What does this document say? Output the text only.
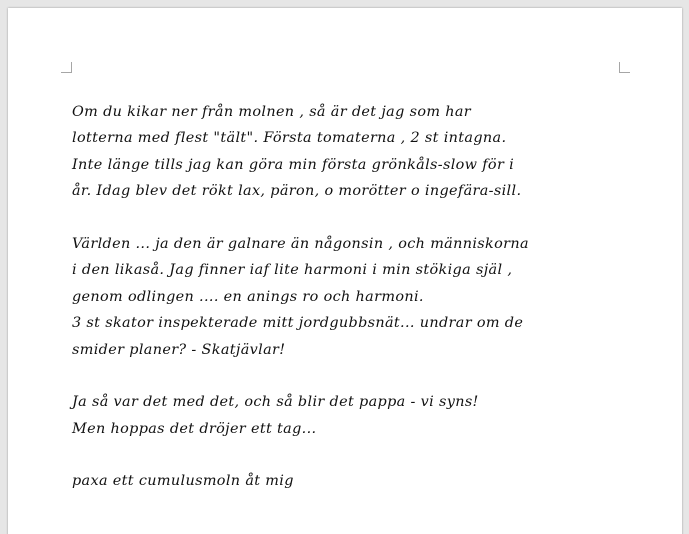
Om du kikar ner från molnen , så är det jag som har
lotterna med flest "tält". Första tomaterna , 2 st intagna.
Inte länge tills jag kan göra min första grönkåls-slow för i
år. Idag blev det rökt lax, päron, o morötter o ingefära-sill.
Världen ... ja den är galnare än någonsin , och människorna
i den likaså. Jag finner iaf lite harmoni i min stökiga själ ,
genom odlingen .... en anings ro och harmoni.
3 st skator inspekterade mitt jordgubbsnät... undrar om de
smider planer? - Skatjävlar!
Ja så var det med det, och så blir det pappa - vi syns!
Men hoppas det dröjer ett tag...
paxa ett cumulusmoln åt mig
